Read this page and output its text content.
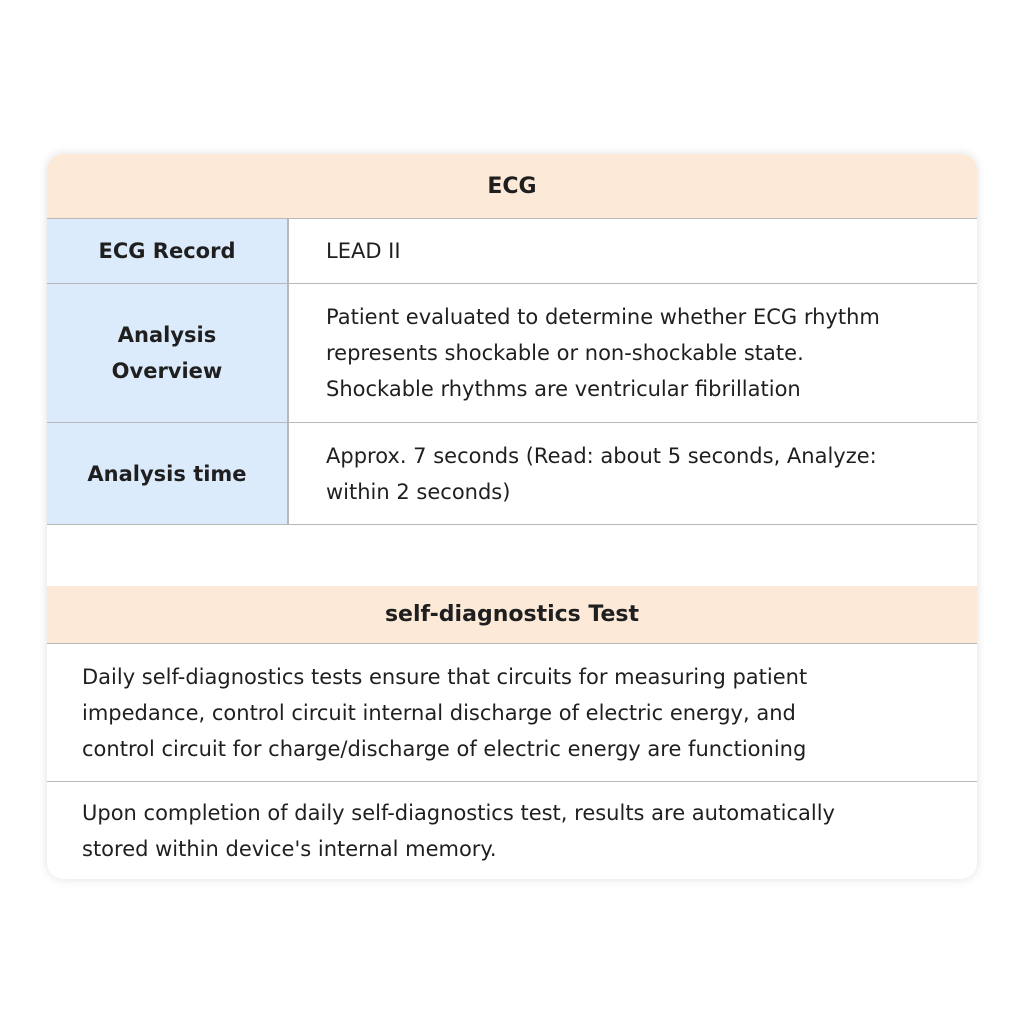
ECG
ECG Record	LEAD II
Analysis
Overview
Patient evaluated to determine whether ECG rhythm
represents shockable or non-shockable state.
Shockable rhythms are ventricular fibrillation
Analysis time
Approx. 7 seconds (Read: about 5 seconds, Analyze:
within 2 seconds)
self-diagnostics Test
Daily self-diagnostics tests ensure that circuits for measuring patient
impedance, control circuit internal discharge of electric energy, and
control circuit for charge/discharge of electric energy are functioning
Upon completion of daily self-diagnostics test, results are automatically
stored within device's internal memory.
